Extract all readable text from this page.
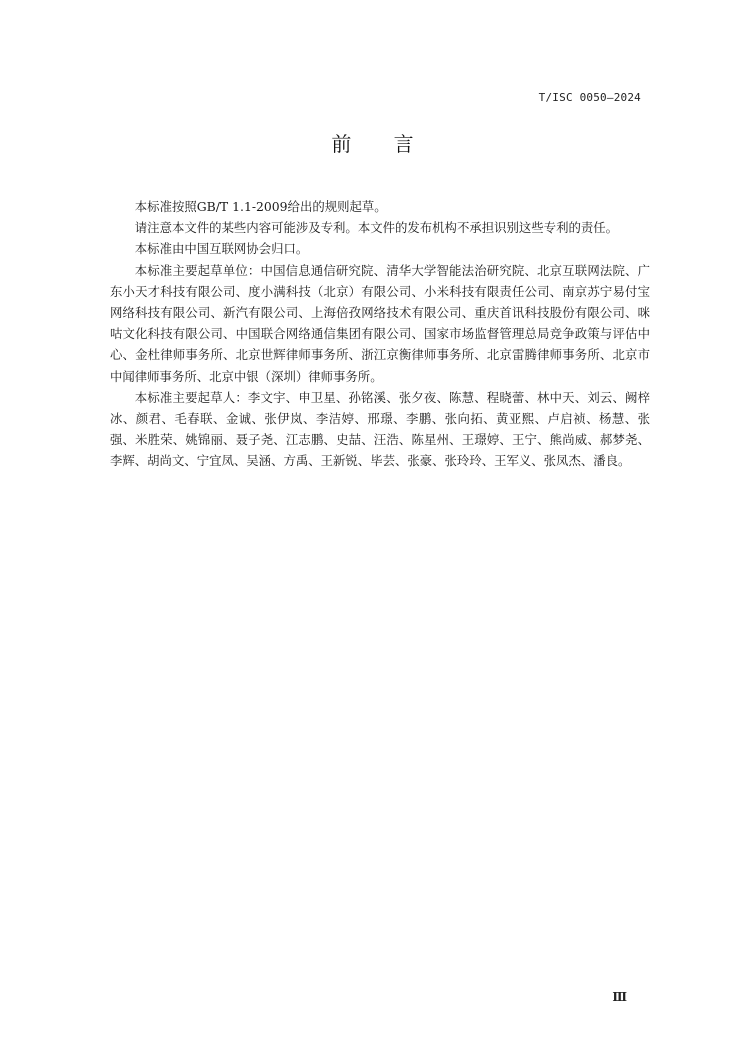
T/ISC 0050—2024
前 言

本标准按照GB/T 1.1-2009给出的规则起草。

请注意本文件的某些内容可能涉及专利。本文件的发布机构不承担识别这些专利的责任。

本标准由中国互联网协会归口。

本标准主要起草单位：中国信息通信研究院、清华大学智能法治研究院、北京互联网法院、广东小天才科技有限公司、度小满科技（北京）有限公司、小米科技有限责任公司、南京苏宁易付宝网络科技有限公司、新汽有限公司、上海倍孜网络技术有限公司、重庆首讯科技股份有限公司、咪咕文化科技有限公司、中国联合网络通信集团有限公司、国家市场监督管理总局竞争政策与评估中心、金杜律师事务所、北京世辉律师事务所、浙江京衡律师事务所、北京雷腾律师事务所、北京市中闻律师事务所、北京中银（深圳）律师事务所。

本标准主要起草人：李文宇、申卫星、孙铭溪、张夕夜、陈慧、程晓蕾、林中天、刘云、阙梓冰、颜君、毛春联、金诚、张伊岚、李洁婷、邢璟、李鹏、张向拓、黄亚熙、卢启祯、杨慧、张强、米胜荣、姚锦丽、聂子尧、江志鹏、史喆、汪浩、陈星州、王璟婷、王宁、熊尚威、郝梦尧、李辉、胡尚文、宁宜凤、吴涵、方禹、王新锐、毕芸、张豪、张玲玲、王军义、张凤杰、潘良。

Ⅲ
